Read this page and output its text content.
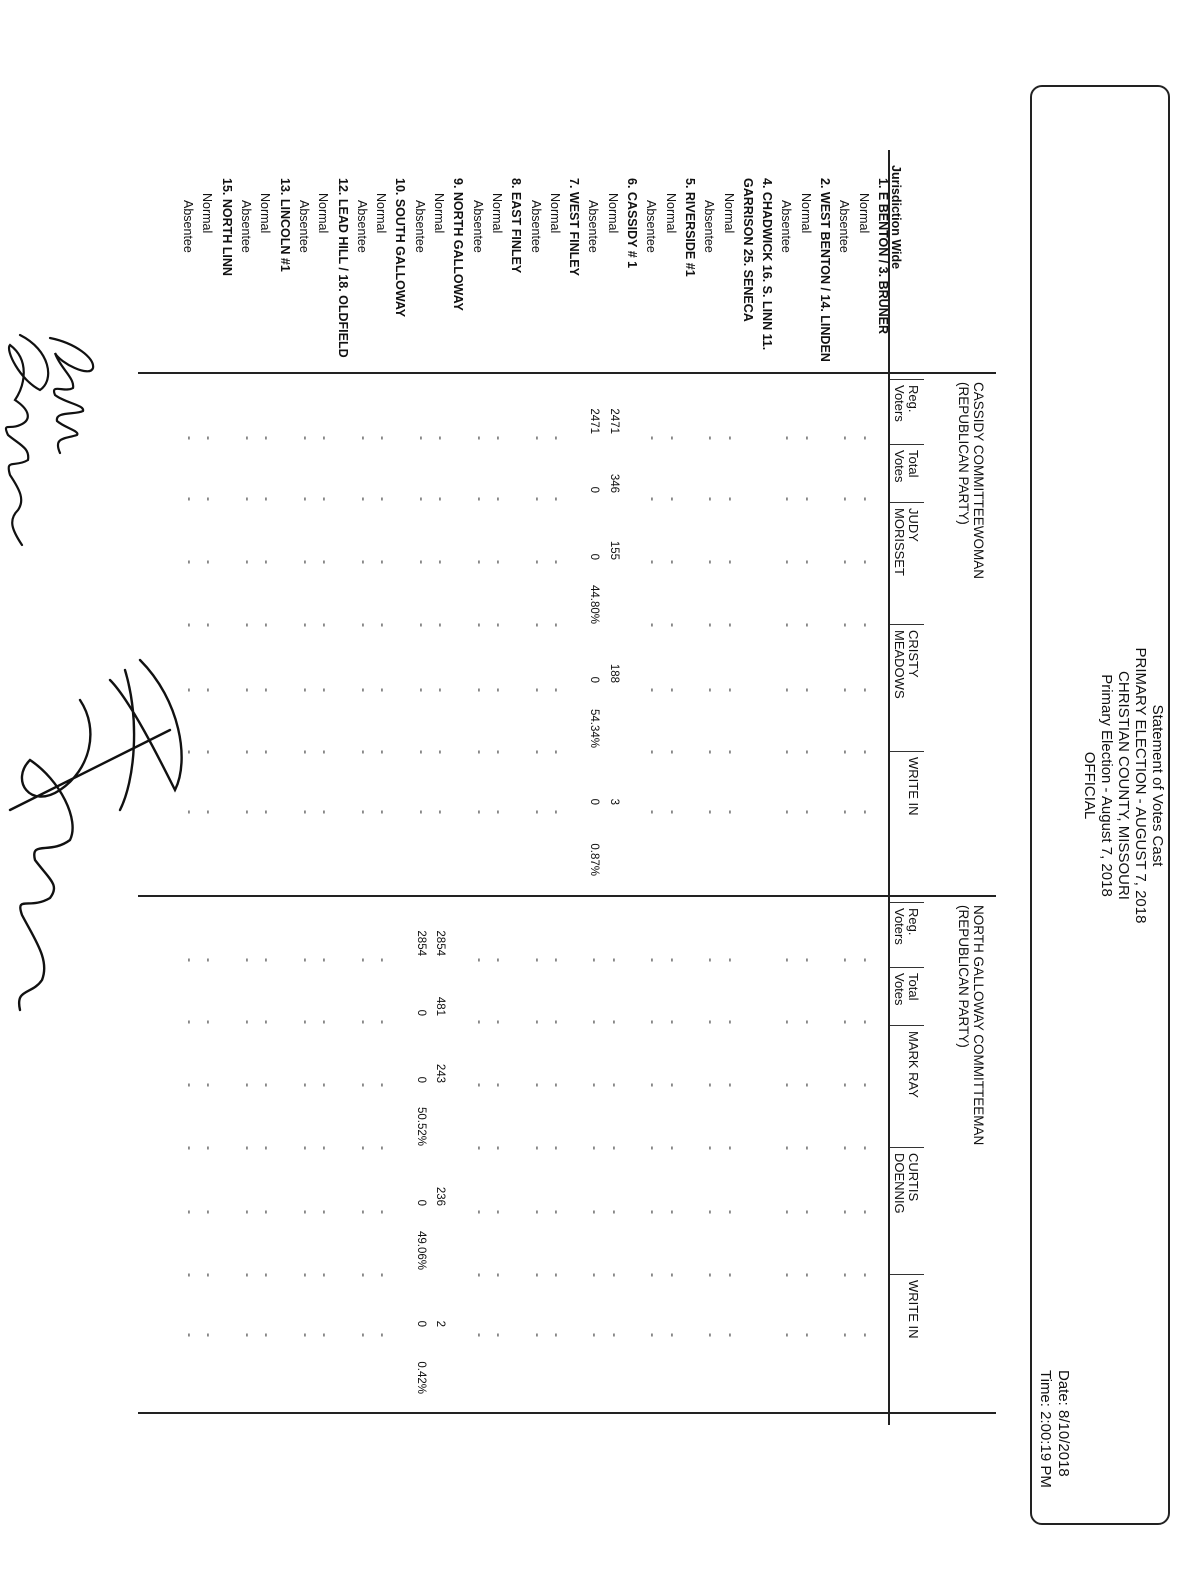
Statement of Votes Cast
PRIMARY ELECTION - AUGUST 7, 2018
CHRISTIAN COUNTY, MISSOURI
Primary Election - August 7, 2018
OFFICIAL
Date: 8/10/2018
Time: 2:00:19 PM
Jurisdiction Wide
1. E BENTON / 3. BRUNER
Normal
Absentee
2. WEST BENTON / 14. LINDEN
Normal
Absentee
4. CHADWICK 16. S. LINN 11.
GARRISON 25. SENECA
Normal
Absentee
5. RIVERSIDE #1
Normal
Absentee
6. CASSIDY # 1
Normal
Absentee
7. WEST FINLEY
Normal
Absentee
8. EAST FINLEY
Normal
Absentee
9. NORTH GALLOWAY
Normal
Absentee
10. SOUTH GALLOWAY
Normal
Absentee
12. LEAD HILL / 18. OLDFIELD
Normal
Absentee
13. LINCOLN #1
Normal
Absentee
15. NORTH LINN
Normal
Absentee
CASSIDY COMMITTEEWOMAN
(REPUBLICAN PARTY)
Reg.
Voters
Total
Votes
JUDY
MORISSET
CRISTY
MEADOWS
WRITE IN
2471
2471
346
0
155
0
188
0
3
0
44.80%
54.34%
0.87%
-
-
-
-
-
-
-
-
-
-
-
-
-
-
-
-
-
-
-
-
-
-
-
-
-
-
-
-
-
-
-
-
-
-
-
-
-
-
-
-
-
-
-
-
-
-
-
-
-
-
-
-
-
-
-
-
-
-
-
-
-
-
-
-
-
-
-
-
-
-
-
-
-
-
-
-
-
-
-
-
-
-
-
-
-
-
-
-
-
-
-
-
-
-
-
-
-
-
-
-
-
-
-
-
-
-
-
-
-
-
-
-
-
-
-
-
-
-
-
-
-
-
-
-
-
-
-
-
-
-
-
-
-
-
-
-
-
-
-
-
-
-
-
-
-
-
-
-
-
-
-
-
-
-
NORTH GALLOWAY COMMITTEEMAN
(REPUBLICAN PARTY)
Reg.
Voters
Total
Votes
MARK RAY
CURTIS
DOENNIG
WRITE IN
2854
2854
481
0
243
0
236
0
2
0
50.52%
49.06%
0.42%
-
-
-
-
-
-
-
-
-
-
-
-
-
-
-
-
-
-
-
-
-
-
-
-
-
-
-
-
-
-
-
-
-
-
-
-
-
-
-
-
-
-
-
-
-
-
-
-
-
-
-
-
-
-
-
-
-
-
-
-
-
-
-
-
-
-
-
-
-
-
-
-
-
-
-
-
-
-
-
-
-
-
-
-
-
-
-
-
-
-
-
-
-
-
-
-
-
-
-
-
-
-
-
-
-
-
-
-
-
-
-
-
-
-
-
-
-
-
-
-
-
-
-
-
-
-
-
-
-
-
-
-
-
-
-
-
-
-
-
-
-
-
-
-
-
-
-
-
-
-
-
-
-
-
